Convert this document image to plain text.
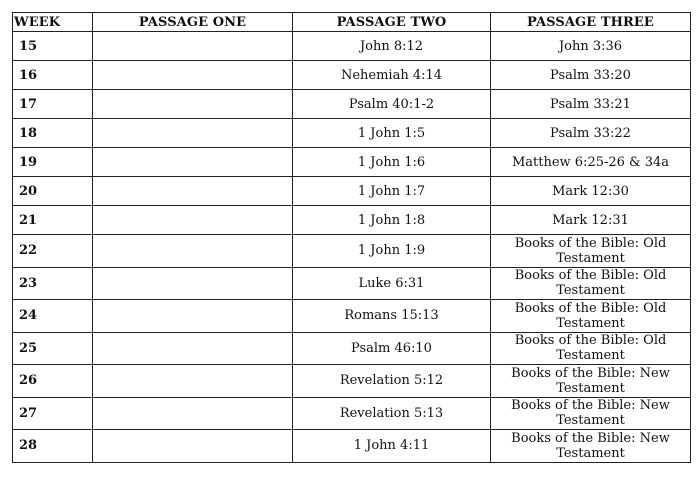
WEEK	PASSAGE ONE	PASSAGE TWO	PASSAGE THREE
15		John 8:12	John 3:36
16		Nehemiah 4:14	Psalm 33:20
17		Psalm 40:1-2	Psalm 33:21
18		1 John 1:5	Psalm 33:22
19		1 John 1:6	Matthew 6:25-26 & 34a
20		1 John 1:7	Mark 12:30
21		1 John 1:8	Mark 12:31
22		1 John 1:9	Books of the Bible: Old Testament
23		Luke 6:31	Books of the Bible: Old Testament
24		Romans 15:13	Books of the Bible: Old Testament
25		Psalm 46:10	Books of the Bible: Old Testament
26		Revelation 5:12	Books of the Bible: New Testament
27		Revelation 5:13	Books of the Bible: New Testament
28		1 John 4:11	Books of the Bible: New Testament
